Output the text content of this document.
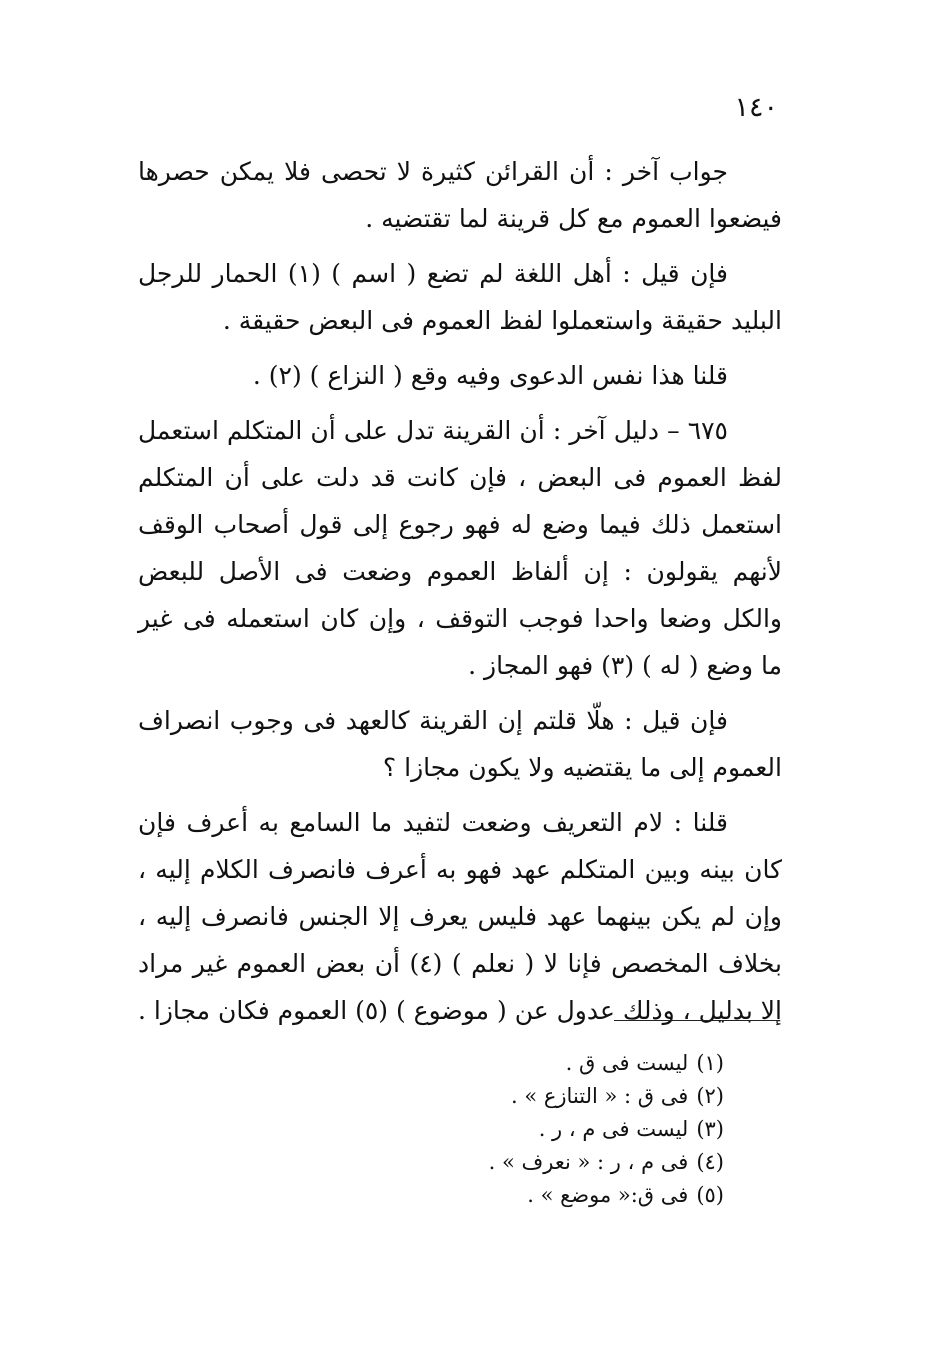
١٤٠

جواب آخر : أن القرائن كثيرة لا تحصى فلا يمكن حصرها فيضعوا العموم مع كل قرينة لما تقتضيه .

فإن قيل : أهل اللغة لم تضع ( اسم ) (١) الحمار للرجل البليد حقيقة واستعملوا لفظ العموم فى البعض حقيقة .

قلنا هذا نفس الدعوى وفيه وقع ( النزاع ) (٢) .

٦٧٥ – دليل آخر : أن القرينة تدل على أن المتكلم استعمل لفظ العموم فى البعض ، فإن كانت قد دلت على أن المتكلم استعمل ذلك فيما وضع له فهو رجوع إلى قول أصحاب الوقف لأنهم يقولون : إن ألفاظ العموم وضعت فى الأصل للبعض والكل وضعا واحدا فوجب التوقف ، وإن كان استعمله فى غير ما وضع ( له ) (٣) فهو المجاز .

فإن قيل : هلّا قلتم إن القرينة كالعهد فى وجوب انصراف العموم إلى ما يقتضيه ولا يكون مجازا ؟

قلنا : لام التعريف وضعت لتفيد ما السامع به أعرف فإن كان بينه وبين المتكلم عهد فهو به أعرف فانصرف الكلام إليه ، وإن لم يكن بينهما عهد فليس يعرف إلا الجنس فانصرف إليه ، بخلاف المخصص فإنا لا ( نعلم ) (٤) أن بعض العموم غير مراد إلا بدليل ، وذلك عدول عن ( موضوع ) (٥) العموم فكان مجازا .

(١)ليست فى ق .
(٢)فى ق : « التنازع » .
(٣)ليست فى م ، ر .
(٤)فى م ، ر : « نعرف » .
(٥)فى ق:« موضع » .
